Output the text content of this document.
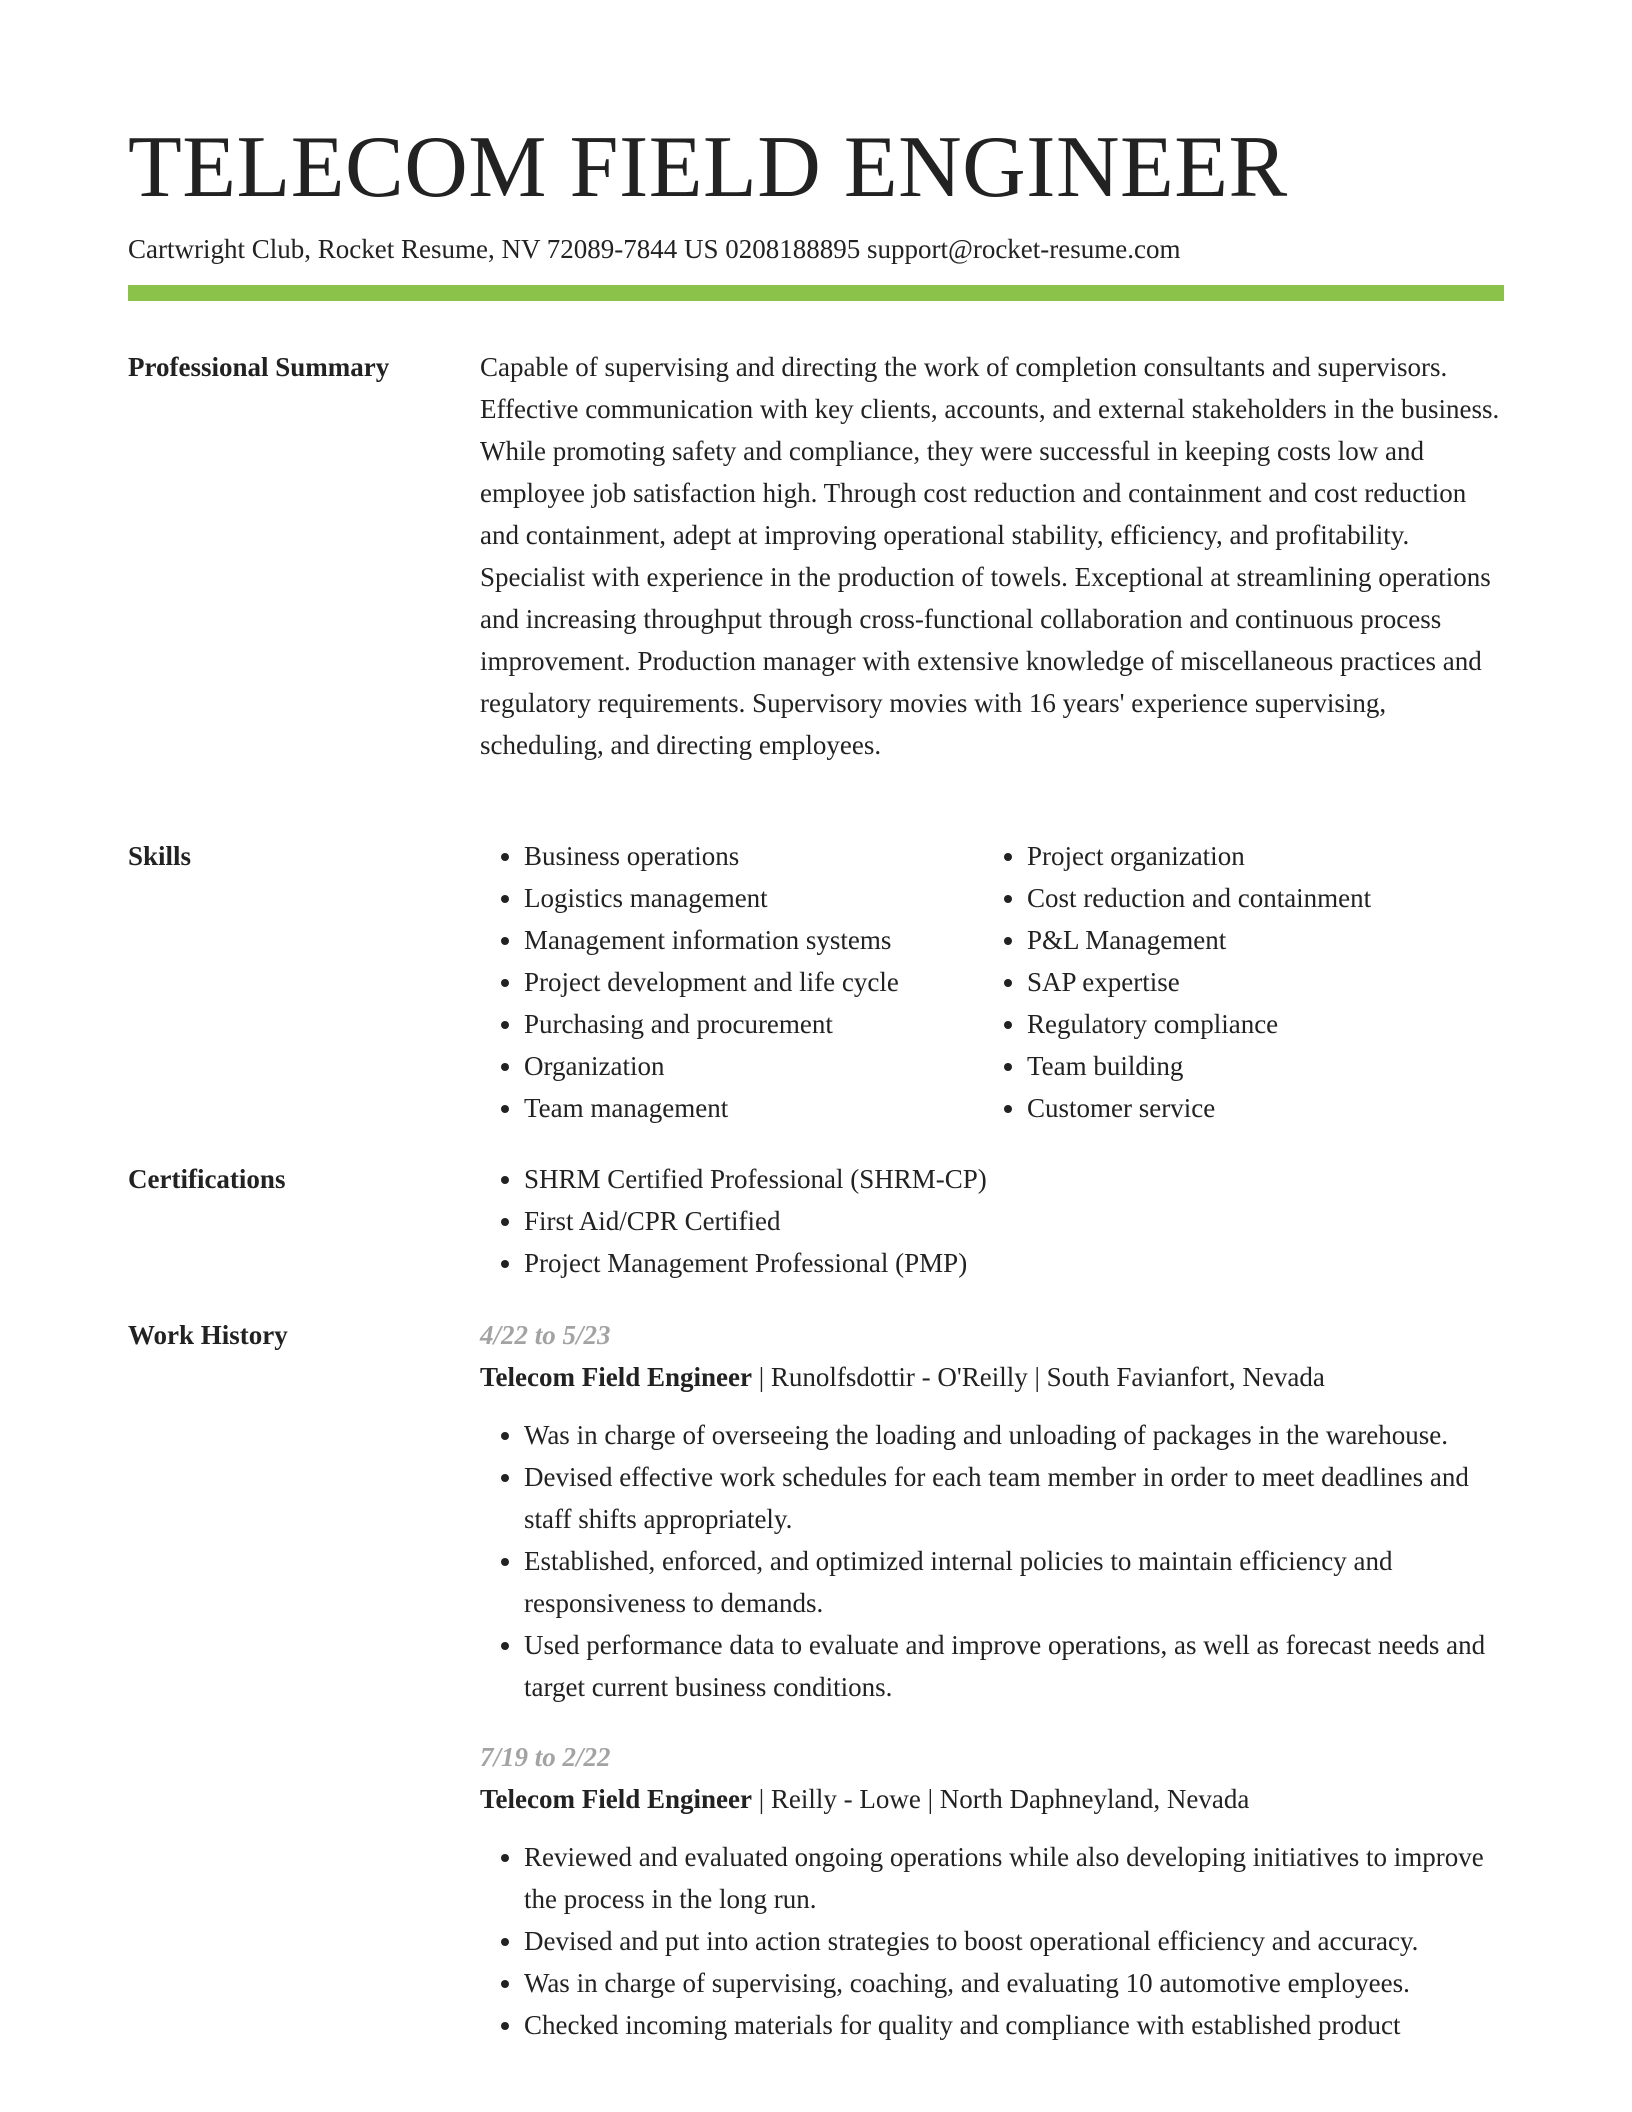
TELECOM FIELD ENGINEER
Cartwright Club, Rocket Resume, NV 72089-7844 US 0208188895 support@rocket-resume.com
Professional Summary	Capable of supervising and directing the work of completion consultants and supervisors. Effective communication with key clients, accounts, and external stakeholders in the business. While promoting safety and compliance, they were successful in keeping costs low and employee job satisfaction high. Through cost reduction and containment and cost reduction and containment, adept at improving operational stability, efficiency, and profitability. Specialist with experience in the production of towels. Exceptional at streamlining operations and increasing throughput through cross-functional collaboration and continuous process improvement. Production manager with extensive knowledge of miscellaneous practices and regulatory requirements. Supervisory movies with 16 years' experience supervising, scheduling, and directing employees.

Skills	• Business operations
• Logistics management
• Management information systems
• Project development and life cycle
• Purchasing and procurement
• Organization
• Team management
• Project organization
• Cost reduction and containment
• P&L Management
• SAP expertise
• Regulatory compliance
• Team building
• Customer service
Certifications	• SHRM Certified Professional (SHRM-CP)
• First Aid/CPR Certified
• Project Management Professional (PMP)
Work History	4/22 to 5/23
Telecom Field Engineer | Runolfsdottir - O'Reilly | South Favianfort, Nevada
• Was in charge of overseeing the loading and unloading of packages in the warehouse.
• Devised effective work schedules for each team member in order to meet deadlines and staff shifts appropriately.
• Established, enforced, and optimized internal policies to maintain efficiency and responsiveness to demands.
• Used performance data to evaluate and improve operations, as well as forecast needs and target current business conditions.
7/19 to 2/22
Telecom Field Engineer | Reilly - Lowe | North Daphneyland, Nevada
• Reviewed and evaluated ongoing operations while also developing initiatives to improve the process in the long run.
• Devised and put into action strategies to boost operational efficiency and accuracy.
• Was in charge of supervising, coaching, and evaluating 10 automotive employees.
• Checked incoming materials for quality and compliance with established product
